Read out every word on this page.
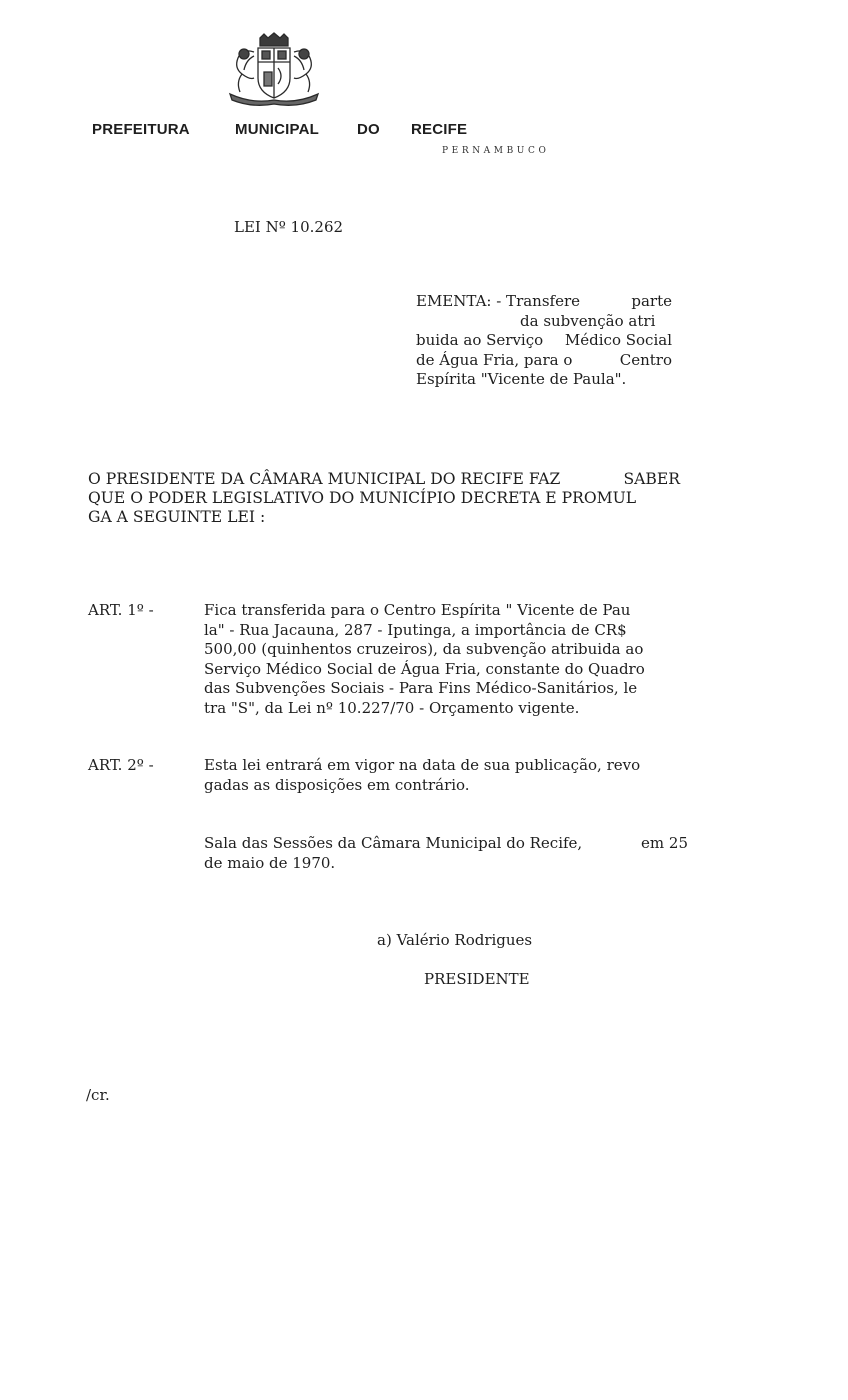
PREFEITURA	MUNICIPAL	DO RECIFE
PERNAMBUCO
LEI Nº 10.262
EMENTA: - Transfere	parte
da subvenção atri
buida ao Serviço Médico Social
de Água Fria, para o	Centro
Espírita "Vicente de Paula".
O PRESIDENTE DA CÂMARA MUNICIPAL DO RECIFE FAZ	SABER
QUE O PODER LEGISLATIVO DO MUNICÍPIO DECRETA E PROMUL
GA A SEGUINTE LEI :
ART. 1º -	Fica transferida para o Centro Espírita " Vicente de Pau
la" - Rua Jacauna, 287 - Iputinga, a importância de CR$
500,00 (quinhentos cruzeiros), da subvenção atribuida ao
Serviço Médico Social de Água Fria, constante do Quadro
das Subvenções Sociais - Para Fins Médico-Sanitários, le
tra "S", da Lei nº 10.227/70 - Orçamento vigente.
ART. 2º -	Esta lei entrará em vigor na data de sua publicação, revo
gadas as disposições em contrário.
Sala das Sessões da Câmara Municipal do Recife,	em 25
de maio de 1970.
a) Valério Rodrigues
PRESIDENTE
/cr.
